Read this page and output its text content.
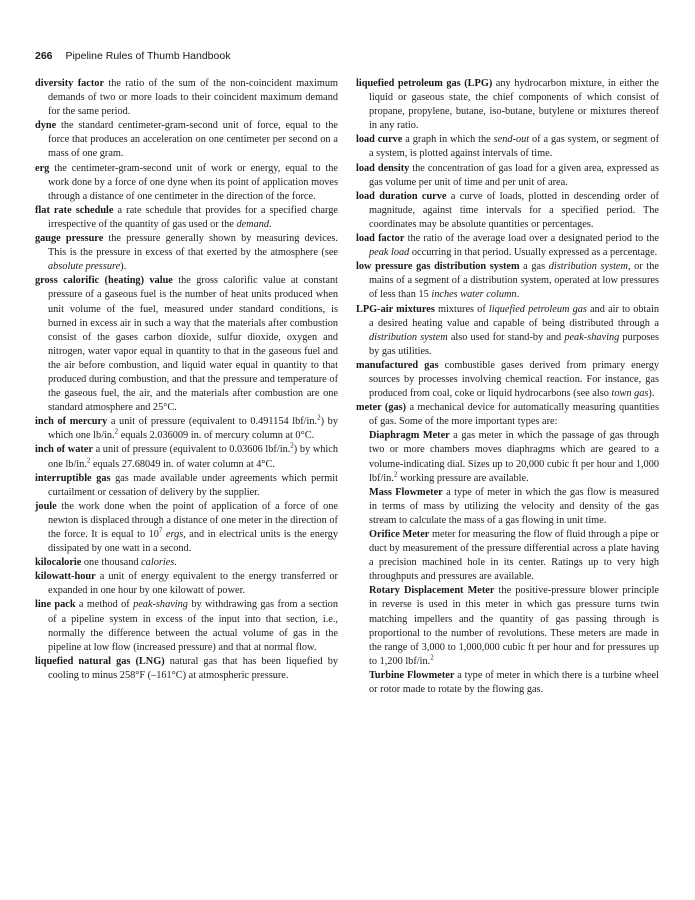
266 Pipeline Rules of Thumb Handbook

diversity factor the ratio of the sum of the non-coincident maximum demands of two or more loads to their coincident maximum demand for the same period.

dyne the standard centimeter-gram-second unit of force, equal to the force that produces an acceleration on one centimeter per second on a mass of one gram.

erg the centimeter-gram-second unit of work or energy, equal to the work done by a force of one dyne when its point of application moves through a distance of one centimeter in the direction of the force.

flat rate schedule a rate schedule that provides for a specified charge irrespective of the quantity of gas used or the demand.

gauge pressure the pressure generally shown by measuring devices. This is the pressure in excess of that exerted by the atmosphere (see absolute pressure).

gross calorific (heating) value the gross calorific value at constant pressure of a gaseous fuel is the number of heat units produced when unit volume of the fuel, measured under standard conditions, is burned in excess air in such a way that the materials after combustion consist of the gases carbon dioxide, sulfur dioxide, oxygen and nitrogen, water vapor equal in quantity to that in the gaseous fuel and the air before combustion, and liquid water equal in quantity to that produced during combustion, and that the pressure and temperature of the gaseous fuel, the air, and the materials after combustion are one standard atmosphere and 25°C.

inch of mercury a unit of pressure (equivalent to 0.491154 lbf/in.$^2$) by which one lb/in.$^2$ equals 2.036009 in. of mercury column at 0°C.

inch of water a unit of pressure (equivalent to 0.03606 lbf/in.$^2$) by which one lb/in.$^2$ equals 27.68049 in. of water column at 4°C.

interruptible gas gas made available under agreements which permit curtailment or cessation of delivery by the supplier.

joule the work done when the point of application of a force of one newton is displaced through a distance of one meter in the direction of the force. It is equal to $10^7$ ergs, and in electrical units is the energy dissipated by one watt in a second.

kilocalorie one thousand calories.

kilowatt-hour a unit of energy equivalent to the energy transferred or expanded in one hour by one kilowatt of power.

line pack a method of peak-shaving by withdrawing gas from a section of a pipeline system in excess of the input into that section, i.e., normally the difference between the actual volume of gas in the pipeline at low flow (increased pressure) and that at normal flow.

liquefied natural gas (LNG) natural gas that has been liquefied by cooling to minus 258°F (–161°C) at atmospheric pressure.

liquefied petroleum gas (LPG) any hydrocarbon mixture, in either the liquid or gaseous state, the chief components of which consist of propane, propylene, butane, iso-butane, butylene or mixtures thereof in any ratio.

load curve a graph in which the send-out of a gas system, or segment of a system, is plotted against intervals of time.

load density the concentration of gas load for a given area, expressed as gas volume per unit of time and per unit of area.

load duration curve a curve of loads, plotted in descending order of magnitude, against time intervals for a specified period. The coordinates may be absolute quantities or percentages.

load factor the ratio of the average load over a designated period to the peak load occurring in that period. Usually expressed as a percentage.

low pressure gas distribution system a gas distribution system, or the mains of a segment of a distribution system, operated at low pressures of less than 15 inches water column.

LPG-air mixtures mixtures of liquefied petroleum gas and air to obtain a desired heating value and capable of being distributed through a distribution system also used for stand-by and peak-shaving purposes by gas utilities.

manufactured gas combustible gases derived from primary energy sources by processes involving chemical reaction. For instance, gas produced from coal, coke or liquid hydrocarbons (see also town gas).

meter (gas) a mechanical device for automatically measuring quantities of gas. Some of the more important types are:

Diaphragm Meter a gas meter in which the passage of gas through two or more chambers moves diaphragms which are geared to a volume-indicating dial. Sizes up to 20,000 cubic ft per hour and 1,000 lbf/in.$^2$ working pressure are available.

Mass Flowmeter a type of meter in which the gas flow is measured in terms of mass by utilizing the velocity and density of the gas stream to calculate the mass of a gas flowing in unit time.

Orifice Meter meter for measuring the flow of fluid through a pipe or duct by measurement of the pressure differential across a plate having a precision machined hole in its center. Ratings up to very high throughputs and pressures are available.

Rotary Displacement Meter the positive-pressure blower principle in reverse is used in this meter in which gas pressure turns twin matching impellers and the quantity of gas passing through is proportional to the number of revolutions. These meters are made in the range of 3,000 to 1,000,000 cubic ft per hour and for pressures up to 1,200 lbf/in.$^2$

Turbine Flowmeter a type of meter in which there is a turbine wheel or rotor made to rotate by the flowing gas.
